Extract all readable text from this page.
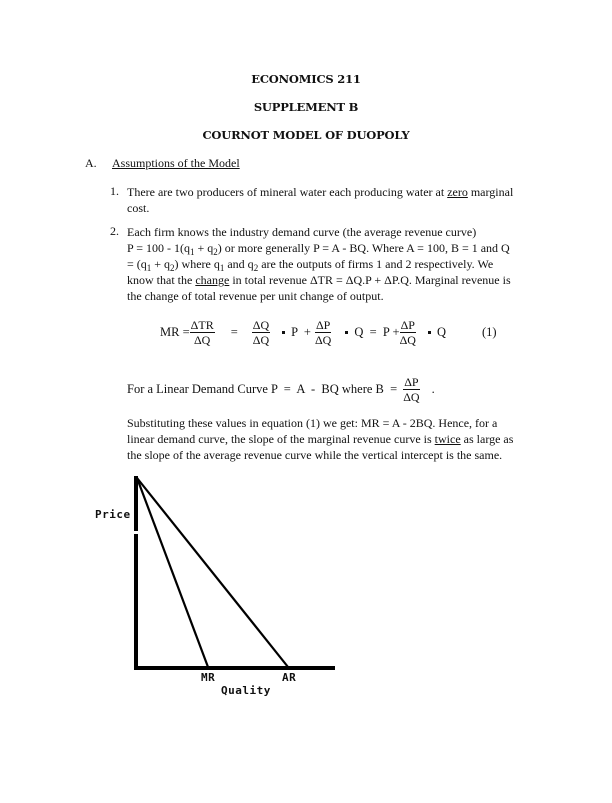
ECONOMICS 211
SUPPLEMENT B
COURNOT MODEL OF DUOPOLY
A. Assumptions of the Model
1. There are two producers of mineral water each producing water at zero marginal
cost.
2. Each firm knows the industry demand curve (the average revenue curve)
$P = 100 - 1(q_1 + q_2)$ or more generally P = A - BQ. Where A = 100, B = 1 and Q
= $(q_1 + q_2)$ where $q_1$ and $q_2$ are the outputs of firms 1 and 2 respectively. We
know that the change in total revenue ΔTR = ΔQ.P + ΔP.Q. Marginal revenue is
the change of total revenue per unit change of output.
MR = $\frac{\text{ΔTR}}{\Delta Q} = \frac{\Delta Q}{\Delta Q}$ $P + \frac{\Delta P}{\Delta Q}$ $Q = P + \frac{\Delta P}{\Delta Q}$ Q	(1)
For a Linear Demand Curve P  =  A  -  BQ where $B = \frac{\Delta P}{\Delta Q}$ .
Substituting these values in equation (1) we get: MR = A - 2BQ. Hence, for a
linear demand curve, the slope of the marginal revenue curve is twice as large as
the slope of the average revenue curve while the vertical intercept is the same.
Price
MR	AR
Quality
